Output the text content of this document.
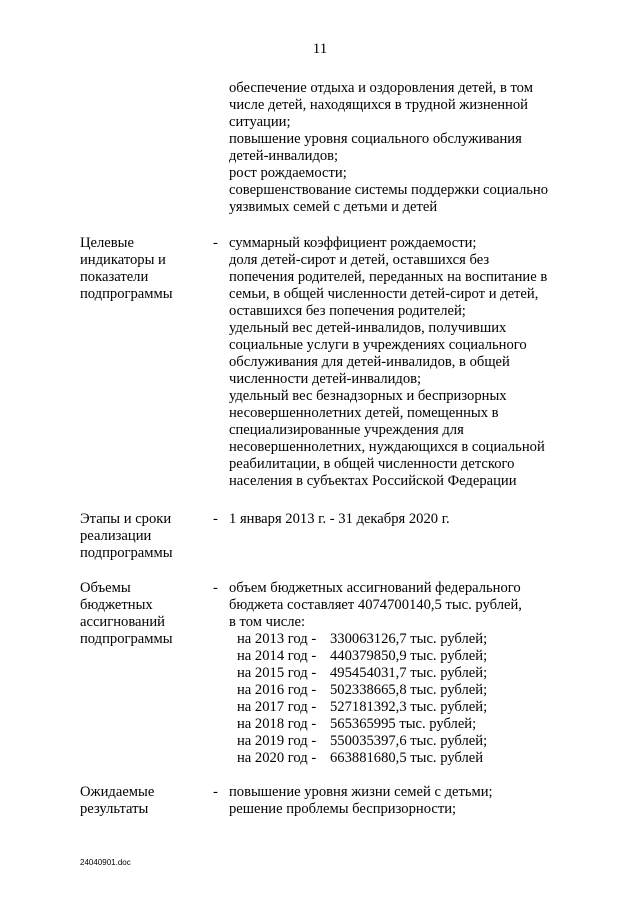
11
обеспечение отдыха и оздоровления детей, в том
числе детей, находящихся в трудной жизненной
ситуации;
повышение уровня социального обслуживания
детей-инвалидов;
рост рождаемости;
совершенствование системы поддержки социально
уязвимых семей с детьми и детей
Целевые
индикаторы и
показатели
подпрограммы
- суммарный коэффициент рождаемости;
доля детей-сирот и детей, оставшихся без
попечения родителей, переданных на воспитание в
семьи, в общей численности детей-сирот и детей,
оставшихся без попечения родителей;
удельный вес детей-инвалидов, получивших
социальные услуги в учреждениях социального
обслуживания для детей-инвалидов, в общей
численности детей-инвалидов;
удельный вес безнадзорных и беспризорных
несовершеннолетних детей, помещенных в
специализированные учреждения для
несовершеннолетних, нуждающихся в социальной
реабилитации, в общей численности детского
населения в субъектах Российской Федерации
Этапы и сроки
реализации
подпрограммы
- 1 января 2013 г. - 31 декабря 2020 г.
Объемы
бюджетных
ассигнований
подпрограммы
- объем бюджетных ассигнований федерального
бюджета составляет 4074700140,5 тыс. рублей,
в том числе:
на 2013 год - 330063126,7 тыс. рублей;
на 2014 год - 440379850,9 тыс. рублей;
на 2015 год - 495454031,7 тыс. рублей;
на 2016 год - 502338665,8 тыс. рублей;
на 2017 год - 527181392,3 тыс. рублей;
на 2018 год - 565365995 тыс. рублей;
на 2019 год - 550035397,6 тыс. рублей;
на 2020 год - 663881680,5 тыс. рублей
Ожидаемые
результаты
- повышение уровня жизни семей с детьми;
решение проблемы беспризорности;
24040901.doc
